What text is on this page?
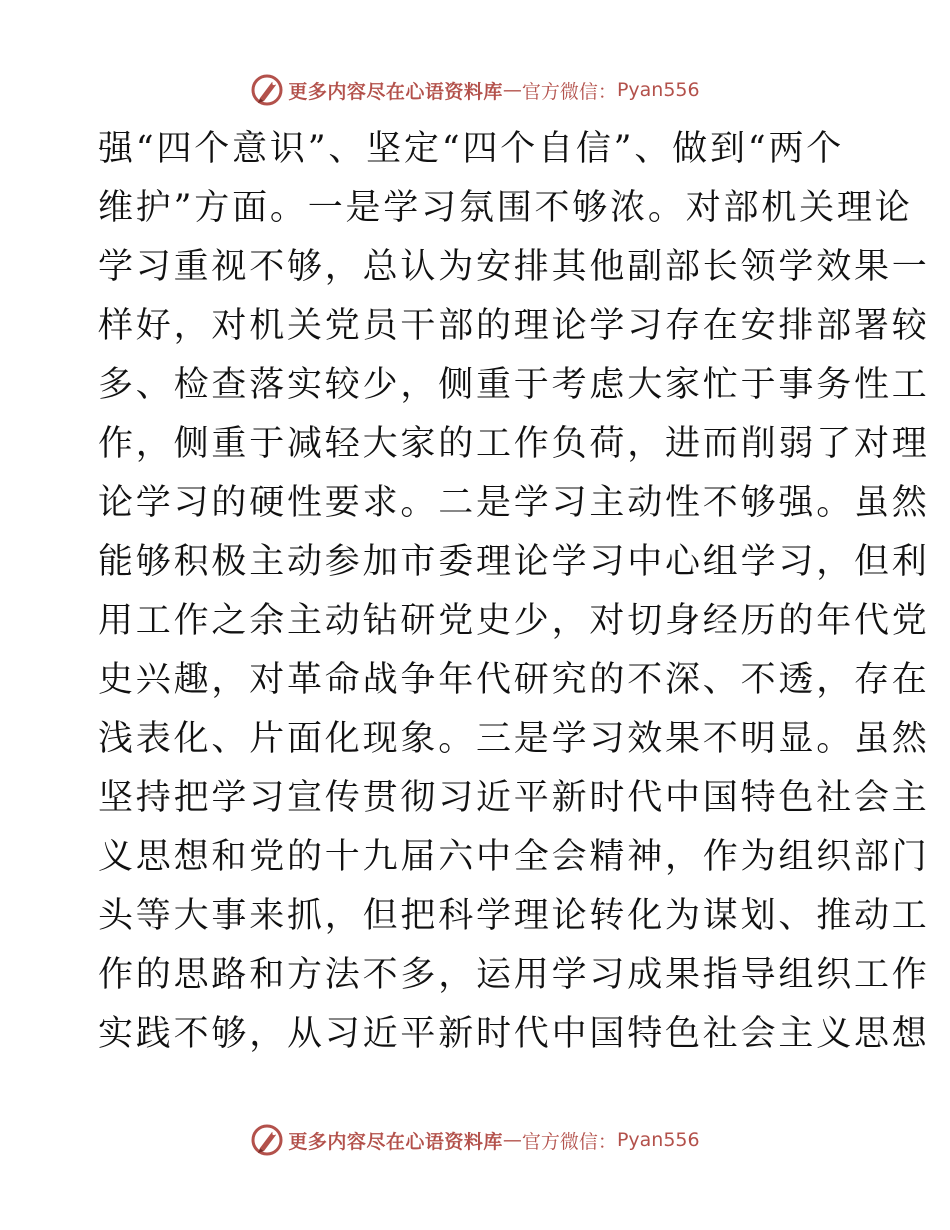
更多内容尽在心语资料库 — 官方微信： Pyan556
强“四个意识”、坚定“四个自信”、做到“两个
维护”方面。一是学习氛围不够浓。对部机关理论
学习重视不够，总认为安排其他副部长领学效果一
样好，对机关党员干部的理论学习存在安排部署较
多、检查落实较少，侧重于考虑大家忙于事务性工
作，侧重于减轻大家的工作负荷，进而削弱了对理
论学习的硬性要求。二是学习主动性不够强。虽然
能够积极主动参加市委理论学习中心组学习，但利
用工作之余主动钻研党史少，对切身经历的年代党
史兴趣，对革命战争年代研究的不深、不透，存在
浅表化、片面化现象。三是学习效果不明显。虽然
坚持把学习宣传贯彻习近平新时代中国特色社会主
义思想和党的十九届六中全会精神，作为组织部门
头等大事来抓，但把科学理论转化为谋划、推动工
作的思路和方法不多，运用学习成果指导组织工作
实践不够，从习近平新时代中国特色社会主义思想
更多内容尽在心语资料库 — 官方微信： Pyan556
